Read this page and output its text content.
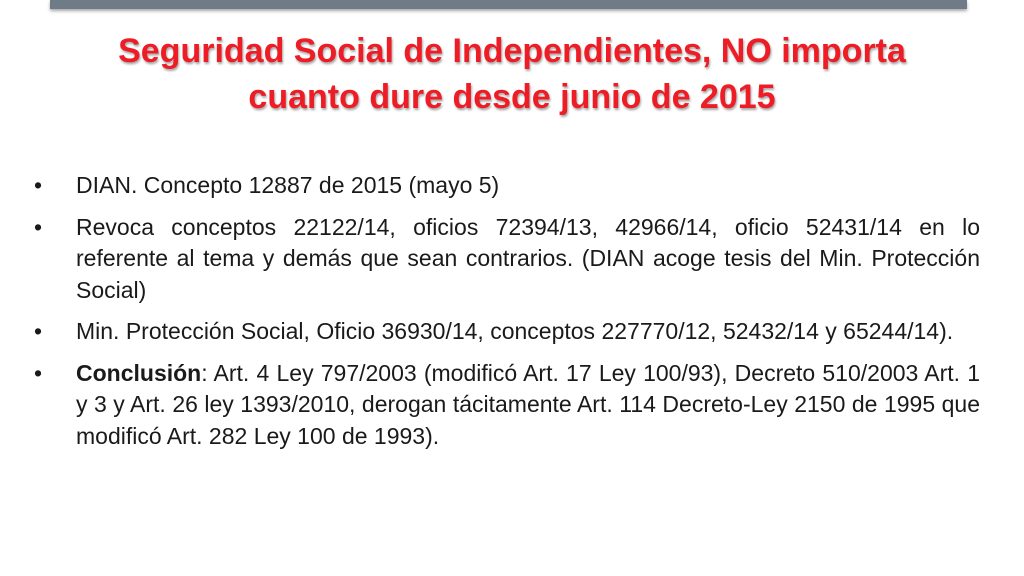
Seguridad Social de Independientes, NO importa
cuanto dure desde junio de 2015
•	DIAN. Concepto 12887 de 2015 (mayo 5)
•	Revoca conceptos 22122/14, oficios 72394/13, 42966/14, oficio 52431/14 en lo referente al tema y demás que sean contrarios. (DIAN acoge tesis del Min. Protección Social)
•	Min. Protección Social, Oficio 36930/14, conceptos 227770/12, 52432/14 y 65244/14).
•	Conclusión: Art. 4 Ley 797/2003 (modificó Art. 17 Ley 100/93), Decreto 510/2003 Art. 1 y 3 y Art. 26 ley 1393/2010, derogan tácitamente Art. 114 Decreto-Ley 2150 de 1995 que modificó Art. 282 Ley 100 de 1993).
